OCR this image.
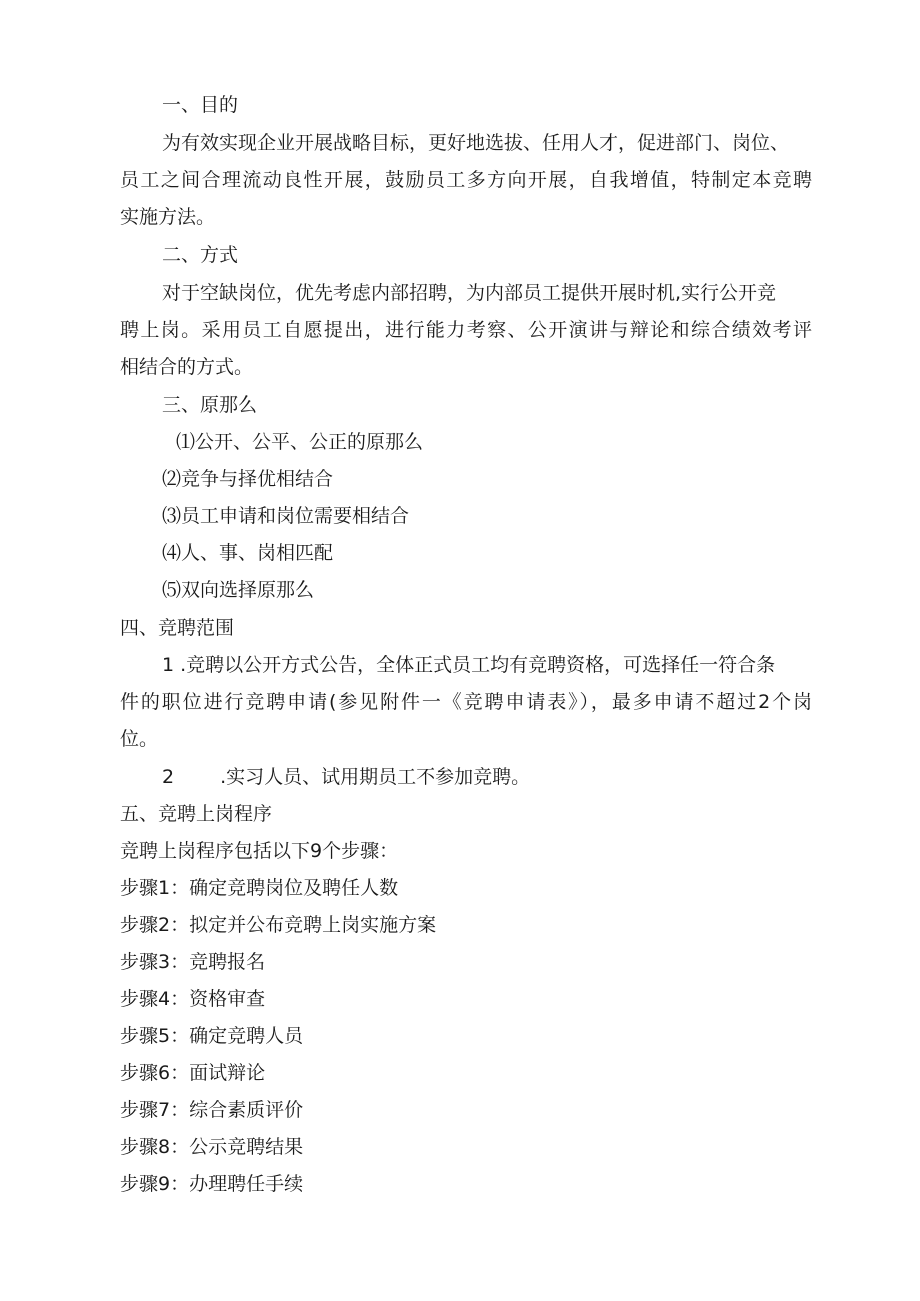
一、目的
为有效实现企业开展战略目标，更好地选拔、任用人才，促进部门、岗位、
员工之间合理流动良性开展，鼓励员工多方向开展，自我增值，特制定本竞聘
实施方法。
二、方式
对于空缺岗位，优先考虑内部招聘，为内部员工提供开展时机,实行公开竞
聘上岗。采用员工自愿提出，进行能力考察、公开演讲与辩论和综合绩效考评
相结合的方式。
三、原那么
⑴公开、公平、公正的原那么
⑵竞争与择优相结合
⑶员工申请和岗位需要相结合
⑷人、事、岗相匹配
⑸双向选择原那么
四、竞聘范围
1 .竞聘以公开方式公告，全体正式员工均有竞聘资格，可选择任一符合条
件的职位进行竞聘申请(参见附件一《竞聘申请表》），最多申请不超过2个岗
位。
2 .实习人员、试用期员工不参加竞聘。
五、竞聘上岗程序
竞聘上岗程序包括以下9个步骤：
步骤1：确定竞聘岗位及聘任人数
步骤2：拟定并公布竞聘上岗实施方案
步骤3：竞聘报名
步骤4：资格审查
步骤5：确定竞聘人员
步骤6：面试辩论
步骤7：综合素质评价
步骤8：公示竞聘结果
步骤9：办理聘任手续
